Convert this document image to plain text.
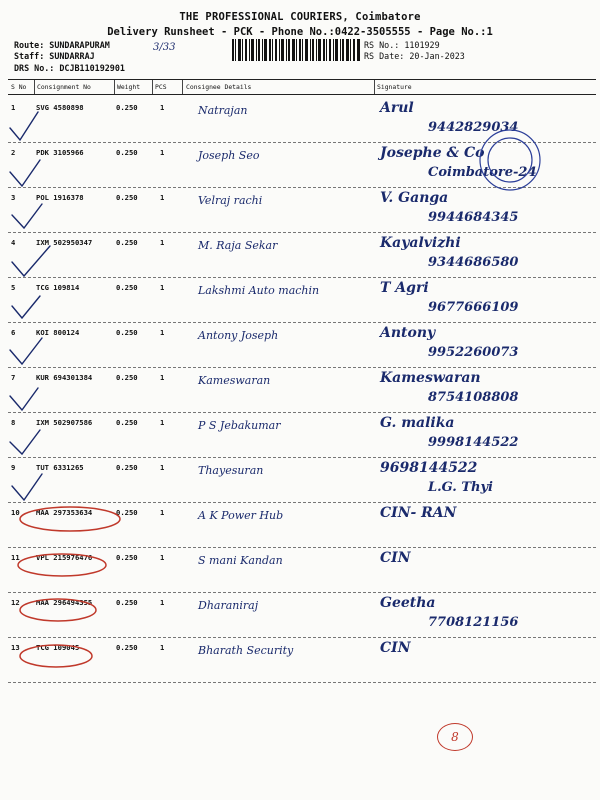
THE PROFESSIONAL COURIERS, Coimbatore
Delivery Runsheet - PCK - Phone No.:0422-3505555 - Page No.:1
Route: SUNDARAPURAM
Staff: SUNDARRAJ
DRS No.: DCJB110192901
RS No.: 1101929
RS Date: 20-Jan-2023
3/33
S No Consignment No	Weight PCS	Consignee Details	Signature
1	SVG 4580898	0.250	1	Natrajan	Arul
9442829034
2	PDK 3105966	0.250	1	Joseph Seo	Josephe & Co
Coimbatore-24
3	POL 1916378	0.250	1	Velraj rachi	V. Ganga
9944684345
4	IXM 502950347	0.250	1	M. Raja Sekar	Kayalvizhi
9344686580
5	TCG 109814	0.250	1	Lakshmi Auto machin	T Agri
9677666109
6	KOI 800124	0.250	1	Antony Joseph	Antony
9952260073
7	KUR 694301384	0.250	1	Kameswaran	Kameswaran
8754108808
8	IXM 502907586	0.250	1	P S Jebakumar	G. malika
9998144522
9	TUT 6331265	0.250	1	Thayesuran	9698144522
L.G. Thyi
10 MAA 297353634	0.250	1	A K Power Hub	CIN- RAN
11 VPL 215976476	0.250	1	S mani Kandan	CIN
12 MAA 296494355	0.250	1	Dharaniraj	Geetha
7708121156
13 TCG 109045	0.250	1	Bharath Security	CIN
8
